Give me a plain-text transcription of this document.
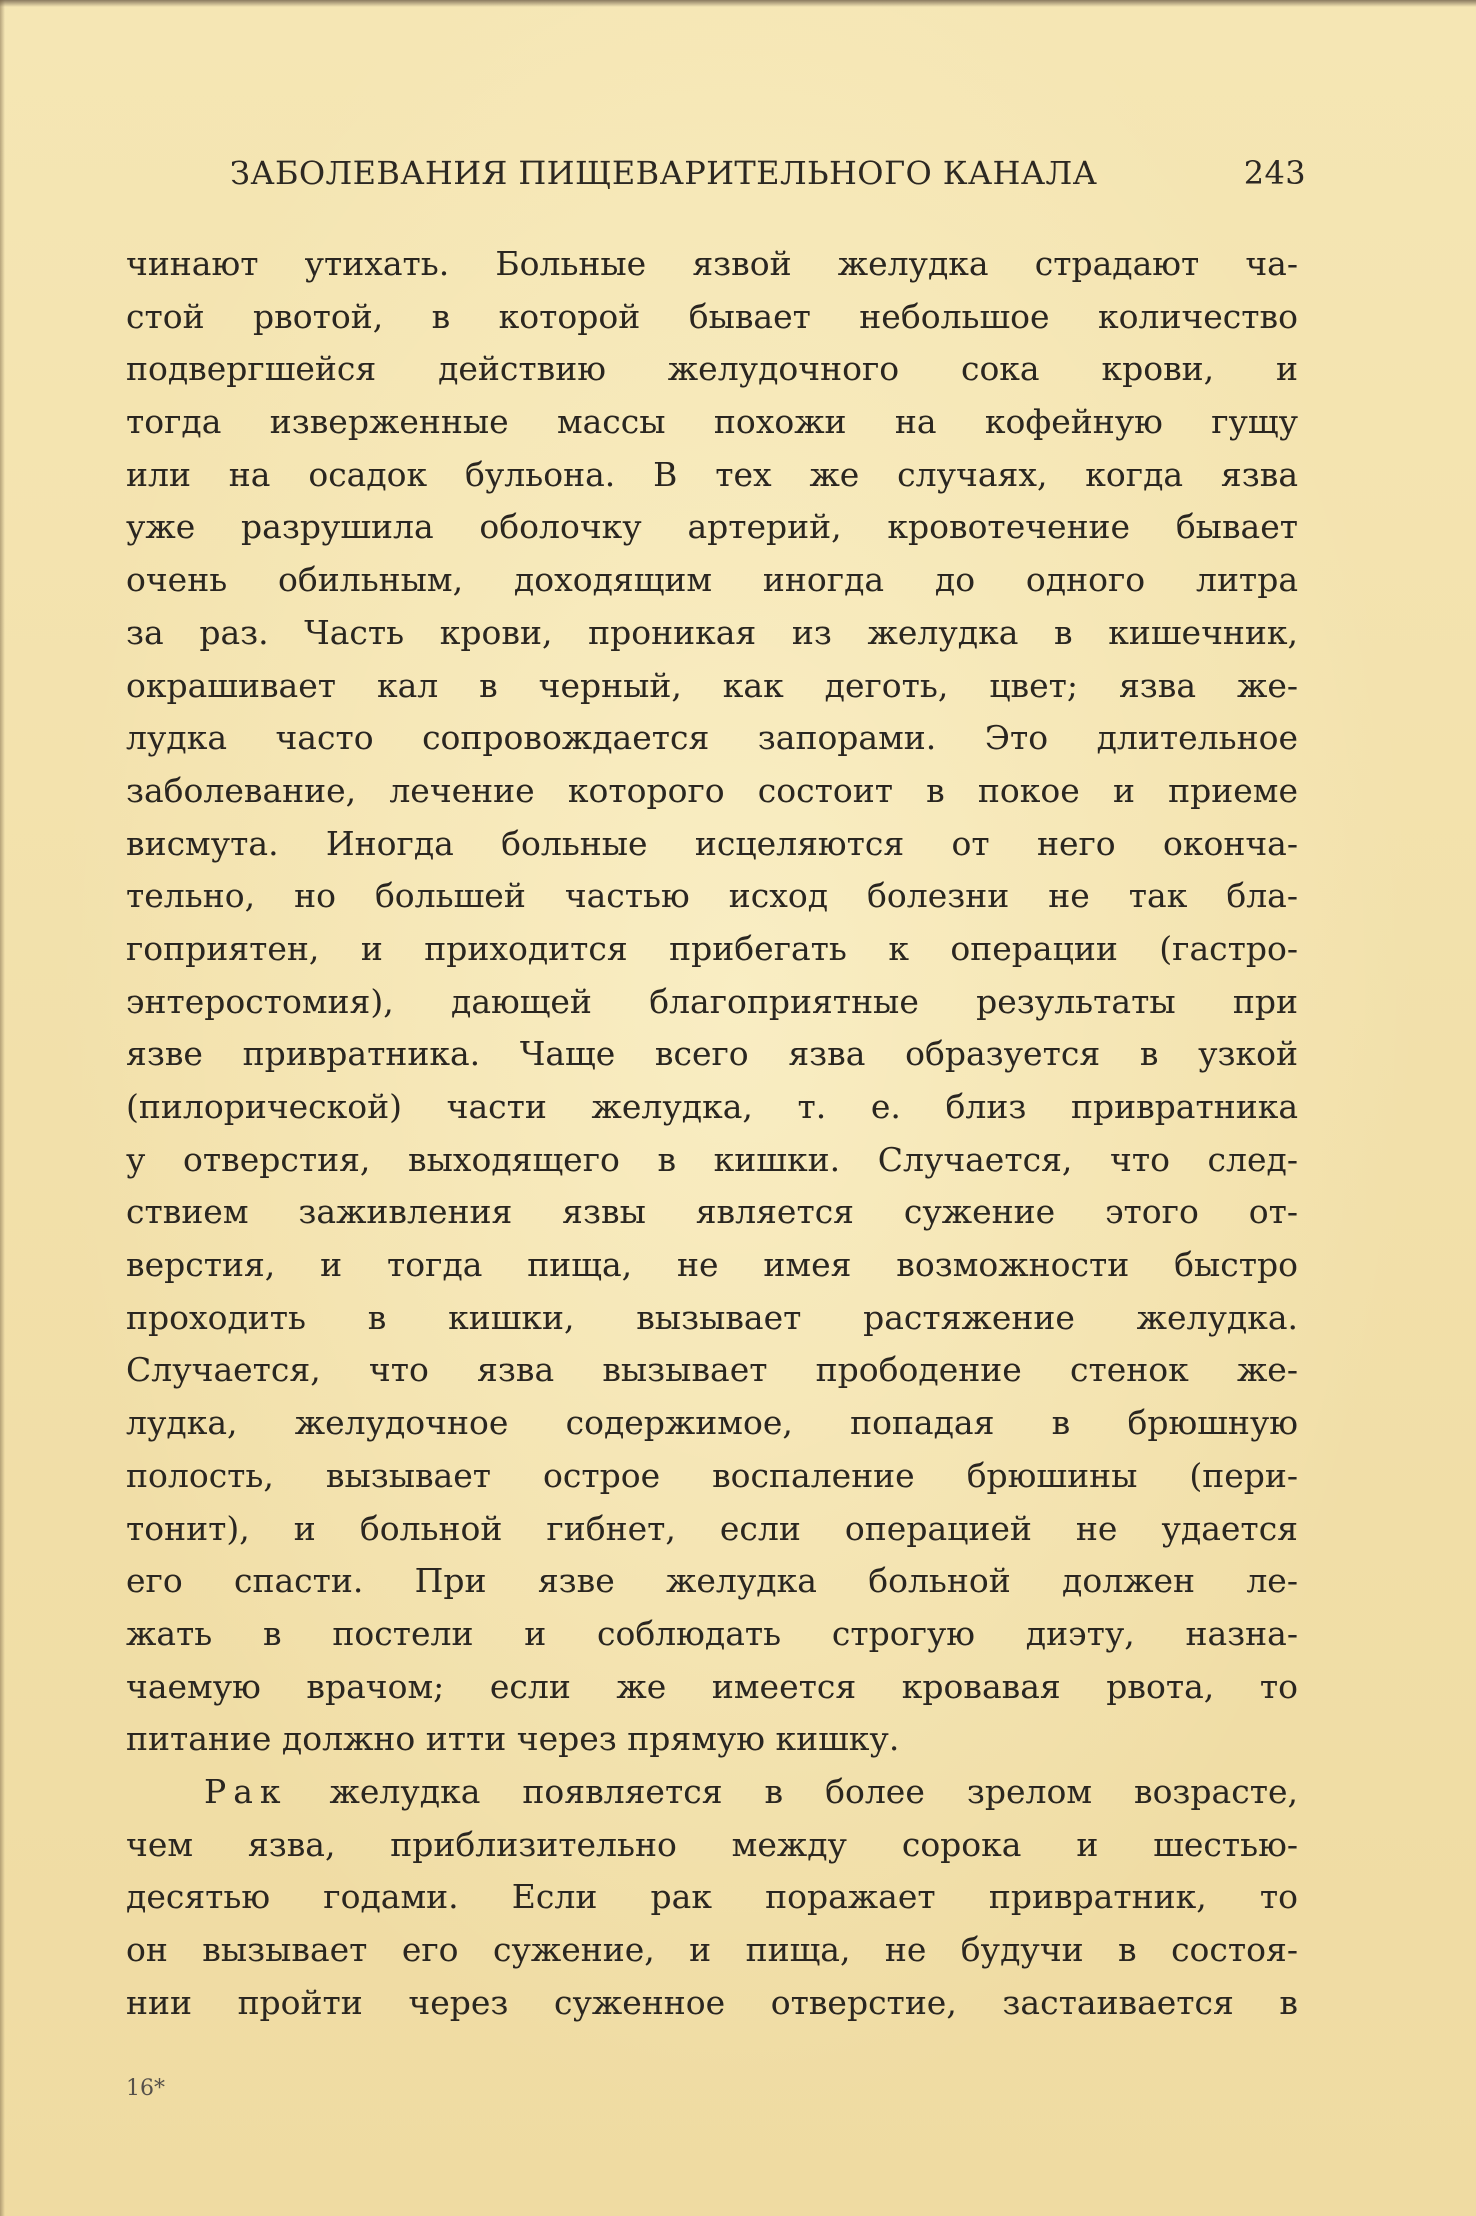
ЗАБОЛЕВАНИЯ ПИЩЕВАРИТЕЛЬНОГО КАНАЛА	243
чинают утихать. Больные язвой желудка страдают ча-
стой рвотой, в которой бывает небольшое количество
подвергшейся действию желудочного сока крови, и
тогда изверженные массы похожи на кофейную гущу
или на осадок бульона. В тех же случаях, когда язва
уже разрушила оболочку артерий, кровотечение бывает
очень обильным, доходящим иногда до одного литра
за раз. Часть крови, проникая из желудка в кишечник,
окрашивает кал в черный, как деготь, цвет; язва же-
лудка часто сопровождается запорами. Это длительное
заболевание, лечение которого состоит в покое и приеме
висмута. Иногда больные исцеляются от него оконча-
тельно, но большей частью исход болезни не так бла-
гоприятен, и приходится прибегать к операции (гастро-
энтеростомия), дающей благоприятные результаты при
язве привратника. Чаще всего язва образуется в узкой
(пилорической) части желудка, т. е. близ привратника
у отверстия, выходящего в кишки. Случается, что след-
ствием заживления язвы является сужение этого от-
верстия, и тогда пища, не имея возможности быстро
проходить в кишки, вызывает растяжение желудка.
Случается, что язва вызывает прободение стенок же-
лудка, желудочное содержимое, попадая в брюшную
полость, вызывает острое воспаление брюшины (пери-
тонит), и больной гибнет, если операцией не удается
его спасти. При язве желудка больной должен ле-
жать в постели и соблюдать строгую диэту, назна-
чаемую врачом; если же имеется кровавая рвота, то
питание должно итти через прямую кишку.
Рак желудка появляется в более зрелом возрасте,
чем язва, приблизительно между сорока и шестью-
десятью годами. Если рак поражает привратник, то
он вызывает его сужение, и пища, не будучи в состоя-
нии пройти через суженное отверстие, застаивается в
16*
